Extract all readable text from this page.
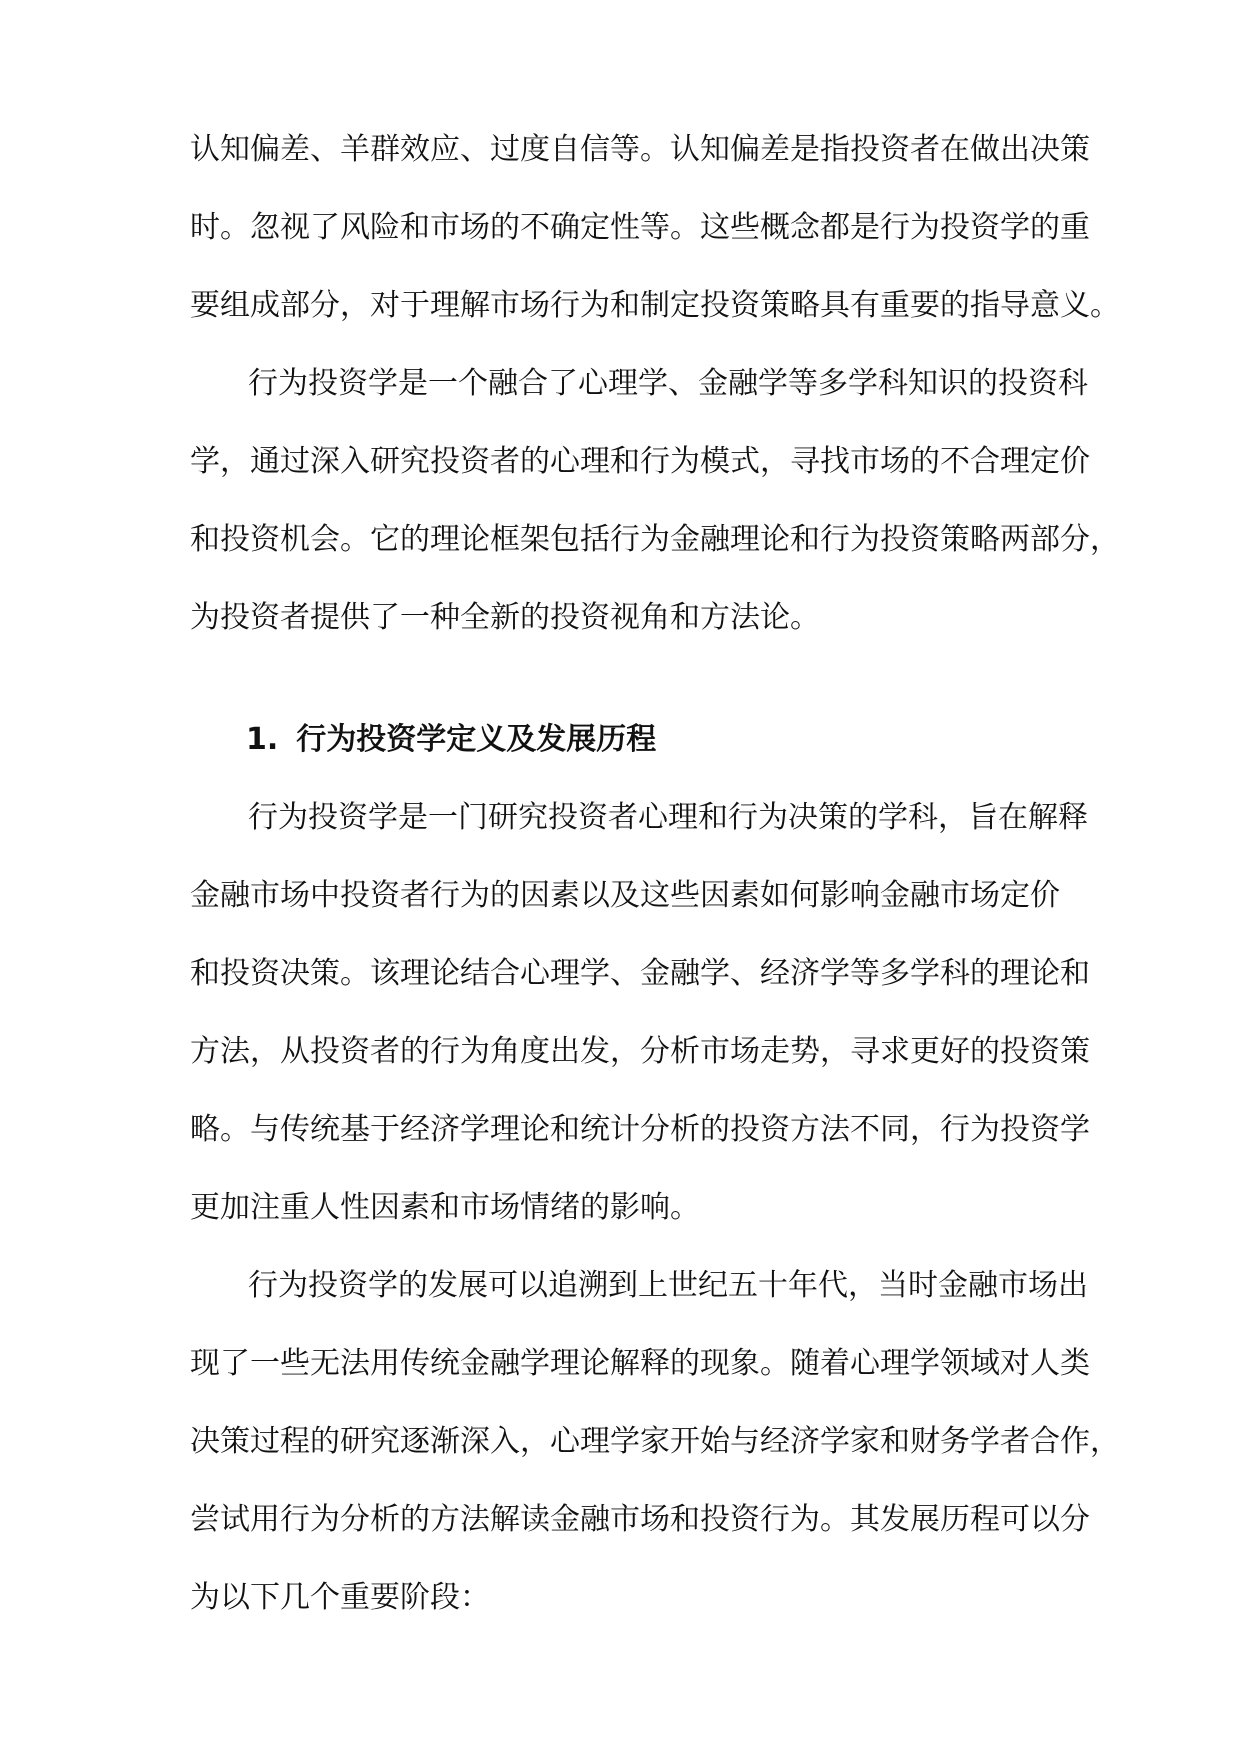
认知偏差、羊群效应、过度自信等。认知偏差是指投资者在做出决策

时。忽视了风险和市场的不确定性等。这些概念都是行为投资学的重

要组成部分，对于理解市场行为和制定投资策略具有重要的指导意义。

行为投资学是一个融合了心理学、金融学等多学科知识的投资科

学，通过深入研究投资者的心理和行为模式，寻找市场的不合理定价

和投资机会。它的理论框架包括行为金融理论和行为投资策略两部分，

为投资者提供了一种全新的投资视角和方法论。

1. 行为投资学定义及发展历程

行为投资学是一门研究投资者心理和行为决策的学科，旨在解释

金融市场中投资者行为的因素以及这些因素如何影响金融市场定价

和投资决策。该理论结合心理学、金融学、经济学等多学科的理论和

方法，从投资者的行为角度出发，分析市场走势，寻求更好的投资策

略。与传统基于经济学理论和统计分析的投资方法不同，行为投资学

更加注重人性因素和市场情绪的影响。

行为投资学的发展可以追溯到上世纪五十年代，当时金融市场出

现了一些无法用传统金融学理论解释的现象。随着心理学领域对人类

决策过程的研究逐渐深入，心理学家开始与经济学家和财务学者合作，

尝试用行为分析的方法解读金融市场和投资行为。其发展历程可以分

为以下几个重要阶段：
